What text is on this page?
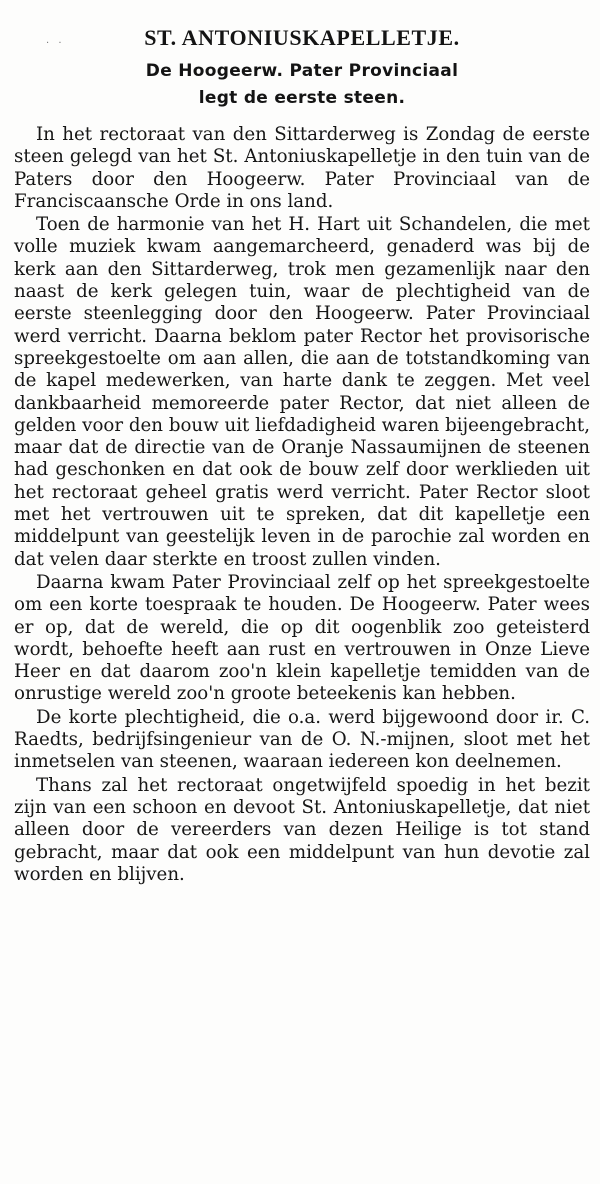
· ·	ST. ANTONIUSKAPELLETJE.

De Hoogeerw. Pater Provinciaal

legt de eerste steen.

In het rectoraat van den Sittarderweg is Zondag de eerste steen gelegd van het St. Antoniuskapelletje in den tuin van de Paters door den Hoogeerw. Pater Provinciaal van de Franciscaansche Orde in ons land.

Toen de harmonie van het H. Hart uit Schandelen, die met volle muziek kwam aangemarcheerd, genaderd was bij de kerk aan den Sittarderweg, trok men gezamenlijk naar den naast de kerk gelegen tuin, waar de plechtigheid van de eerste steenlegging door den Hoogeerw. Pater Provinciaal werd verricht. Daarna beklom pater Rector het provisorische spreekgestoelte om aan allen, die aan de totstandkoming van de kapel medewerken, van harte dank te zeggen. Met veel dankbaarheid memoreerde pater Rector, dat niet alleen de gelden voor den bouw uit liefdadigheid waren bijeengebracht, maar dat de directie van de Oranje Nassaumijnen de steenen had geschonken en dat ook de bouw zelf door werklieden uit het rectoraat geheel gratis werd verricht. Pater Rector sloot met het vertrouwen uit te spreken, dat dit kapelletje een middelpunt van geestelijk leven in de parochie zal worden en dat velen daar sterkte en troost zullen vinden.

Daarna kwam Pater Provinciaal zelf op het spreekgestoelte om een korte toespraak te houden. De Hoogeerw. Pater wees er op, dat de wereld, die op dit oogenblik zoo geteisterd wordt, behoefte heeft aan rust en vertrouwen in Onze Lieve Heer en dat daarom zoo'n klein kapelletje temidden van de onrustige wereld zoo'n groote beteekenis kan hebben.

De korte plechtigheid, die o.a. werd bijgewoond door ir. C. Raedts, bedrijfsingenieur van de O. N.-mijnen, sloot met het inmetselen van steenen, waaraan iedereen kon deelnemen.

Thans zal het rectoraat ongetwijfeld spoedig in het bezit zijn van een schoon en devoot St. Antoniuskapelletje, dat niet alleen door de vereerders van dezen Heilige is tot stand gebracht, maar dat ook een middelpunt van hun devotie zal worden en blijven.
